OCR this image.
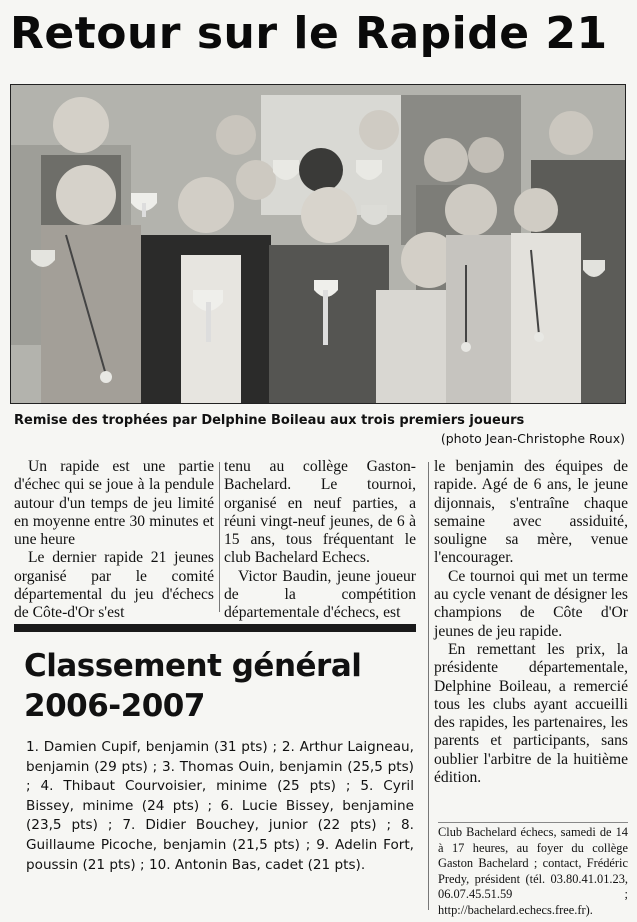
Retour sur le Rapide 21
Remise des trophées par Delphine Boileau aux trois premiers joueurs
(photo Jean-Christophe Roux)

Un rapide est une partie d'échec qui se joue à la pendule autour d'un temps de jeu limité en moyenne entre 30 minutes et une heure

Le dernier rapide 21 jeunes organisé par le comité départemental du jeu d'échecs de Côte-d'Or s'est

tenu au collège Gaston-Bachelard. Le tournoi, organisé en neuf parties, a réuni vingt-neuf jeunes, de 6 à 15 ans, tous fréquentant le club Bachelard Echecs.

Victor Baudin, jeune joueur de la compétition départementale d'échecs, est

le benjamin des équipes de rapide. Agé de 6 ans, le jeune dijonnais, s'entraîne chaque semaine avec assiduité, souligne sa mère, venue l'encourager.

Ce tournoi qui met un terme au cycle venant de désigner les champions de Côte d'Or jeunes de jeu rapide.

En remettant les prix, la présidente départementale, Delphine Boileau, a remercié tous les clubs ayant accueilli des rapides, les partenaires, les parents et participants, sans oublier l'arbitre de la huitième édition.

Classement général
2006-2007
1. Damien Cupif, benjamin (31 pts) ; 2. Arthur Laigneau, benjamin (29 pts) ; 3. Thomas Ouin, benjamin (25,5 pts) ; 4. Thibaut Courvoisier, minime (25 pts) ; 5. Cyril Bissey, minime (24 pts) ; 6. Lucie Bissey, benjamine (23,5 pts) ; 7. Didier Bouchey, junior (22 pts) ; 8. Guillaume Picoche, benjamin (21,5 pts) ; 9. Adelin Fort, poussin (21 pts) ; 10. Antonin Bas, cadet (21 pts).
Club Bachelard échecs, samedi de 14 à 17 heures, au foyer du collège Gaston Bachelard ; contact, Frédéric Predy, président (tél. 03.80.41.01.23, 06.07.45.51.59 ; http://bachelard.echecs.free.fr).
